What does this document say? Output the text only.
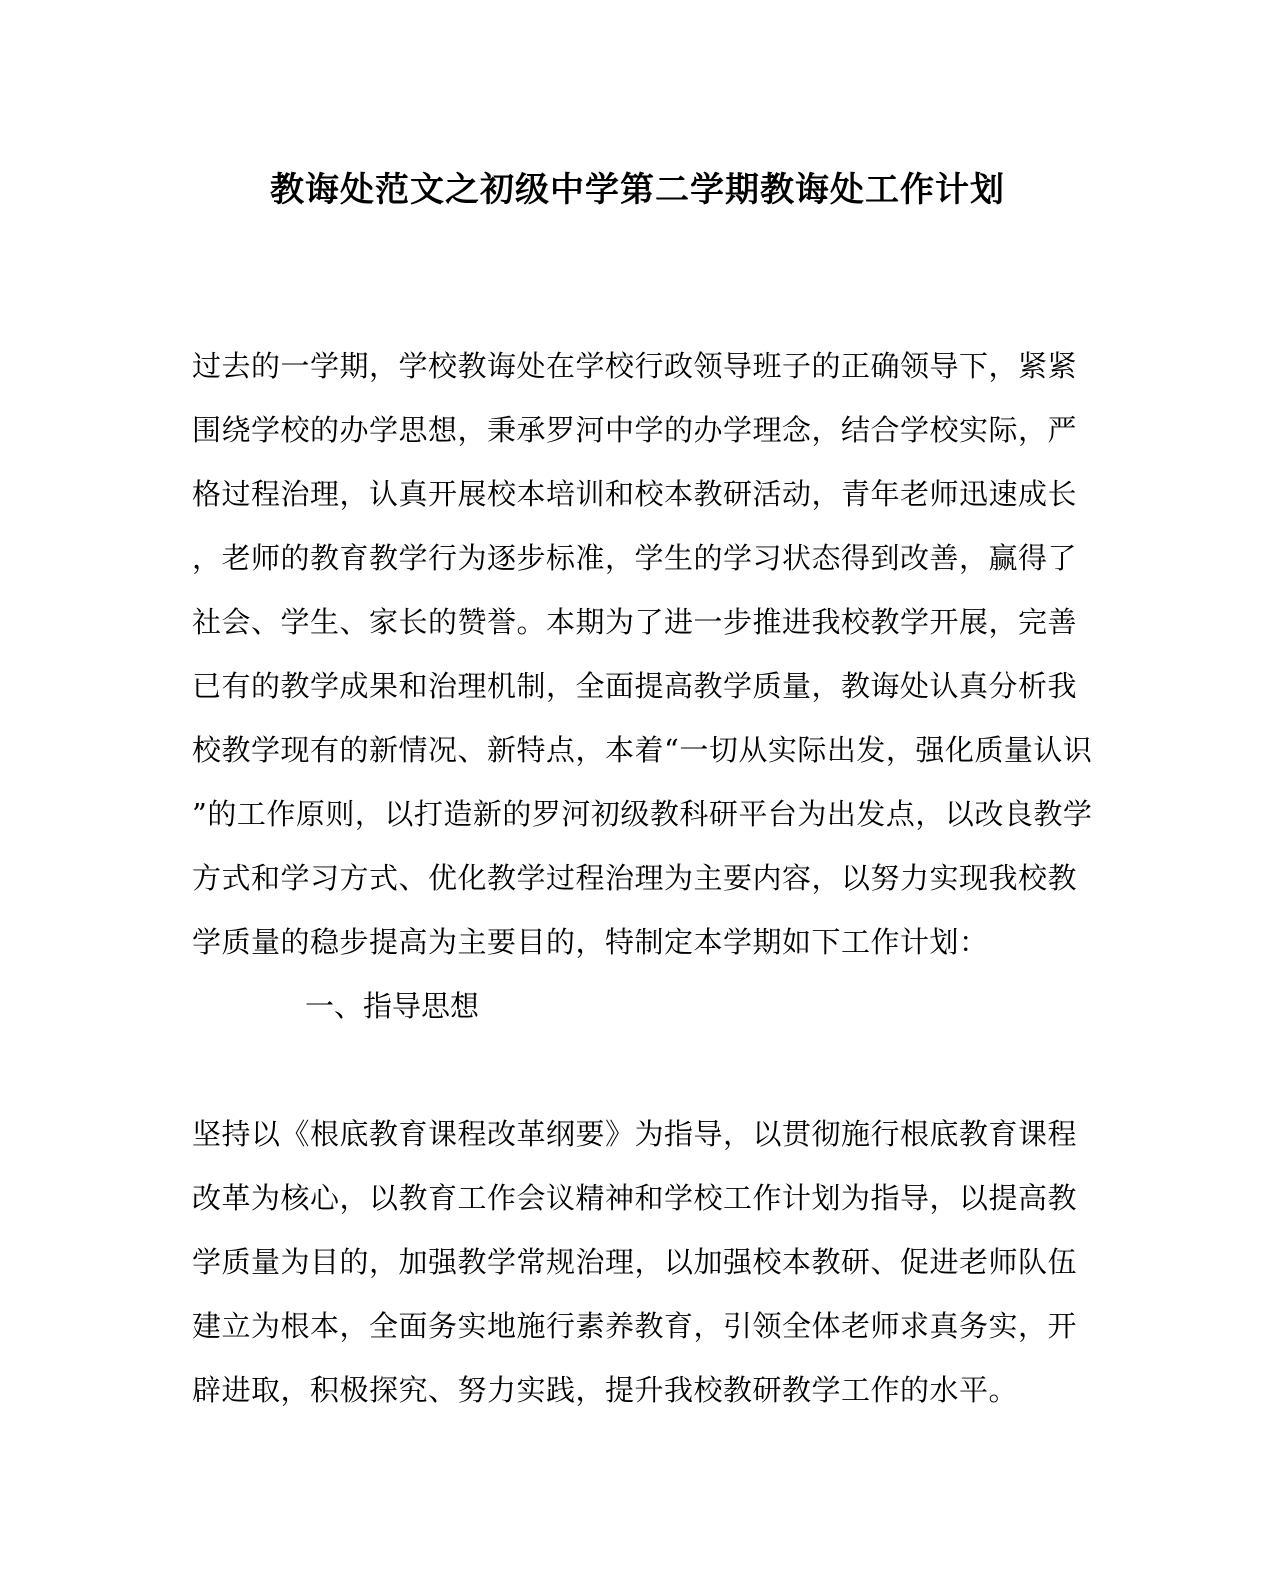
教诲处范文之初级中学第二学期教诲处工作计划
过去的一学期，学校教诲处在学校行政领导班子的正确领导下，紧紧
围绕学校的办学思想，秉承罗河中学的办学理念，结合学校实际，严
格过程治理，认真开展校本培训和校本教研活动，青年老师迅速成长
，老师的教育教学行为逐步标准，学生的学习状态得到改善，赢得了
社会、学生、家长的赞誉。本期为了进一步推进我校教学开展，完善
已有的教学成果和治理机制，全面提高教学质量，教诲处认真分析我
校教学现有的新情况、新特点，本着“一切从实际出发，强化质量认识
”的工作原则，以打造新的罗河初级教科研平台为出发点，以改良教学
方式和学习方式、优化教学过程治理为主要内容，以努力实现我校教
学质量的稳步提高为主要目的，特制定本学期如下工作计划：
一、指导思想
坚持以《根底教育课程改革纲要》为指导，以贯彻施行根底教育课程
改革为核心，以教育工作会议精神和学校工作计划为指导，以提高教
学质量为目的，加强教学常规治理，以加强校本教研、促进老师队伍
建立为根本，全面务实地施行素养教育，引领全体老师求真务实，开
辟进取，积极探究、努力实践，提升我校教研教学工作的水平。
